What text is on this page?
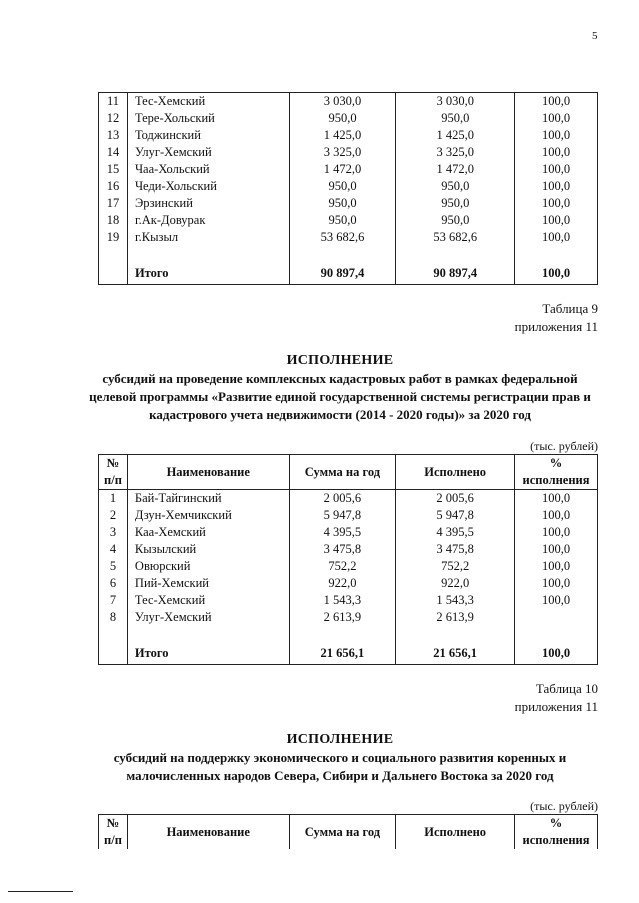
5
11	Тес-Хемский	3 030,0	3 030,0	100,0
12	Тере-Хольский	950,0	950,0	100,0
13	Тоджинский	1 425,0	1 425,0	100,0
14	Улуг-Хемский	3 325,0	3 325,0	100,0
15	Чаа-Хольский	1 472,0	1 472,0	100,0
16	Чеди-Хольский	950,0	950,0	100,0
17	Эрзинский	950,0	950,0	100,0
18	г.Ак-Довурак	950,0	950,0	100,0
19	г.Кызыл	53 682,6	53 682,6	100,0
	Итого	90 897,4	90 897,4	100,0
Таблица 9
приложения 11
ИСПОЛНЕНИЕ
субсидий на проведение комплексных кадастровых работ в рамках федеральной
целевой программы «Развитие единой государственной системы регистрации прав и
кадастрового учета недвижимости (2014 - 2020 годы)» за 2020 год
(тыс. рублей)
№
п/п	Наименование	Сумма на год	Исполнено	% исполнения
1	Бай-Тайгинский	2 005,6	2 005,6	100,0
2	Дзун-Хемчикский	5 947,8	5 947,8	100,0
3	Каа-Хемский	4 395,5	4 395,5	100,0
4	Кызылский	3 475,8	3 475,8	100,0
5	Овюрский	752,2	752,2	100,0
6	Пий-Хемский	922,0	922,0	100,0
7	Тес-Хемский	1 543,3	1 543,3	100,0
8	Улуг-Хемский	2 613,9	2 613,9	
	Итого	21 656,1	21 656,1	100,0
Таблица 10
приложения 11
ИСПОЛНЕНИЕ
субсидий на поддержку экономического и социального развития коренных и
малочисленных народов Севера, Сибири и Дальнего Востока за 2020 год
(тыс. рублей)
№
п/п
	Наименование	Сумма на год	Исполнено	% исполнения
